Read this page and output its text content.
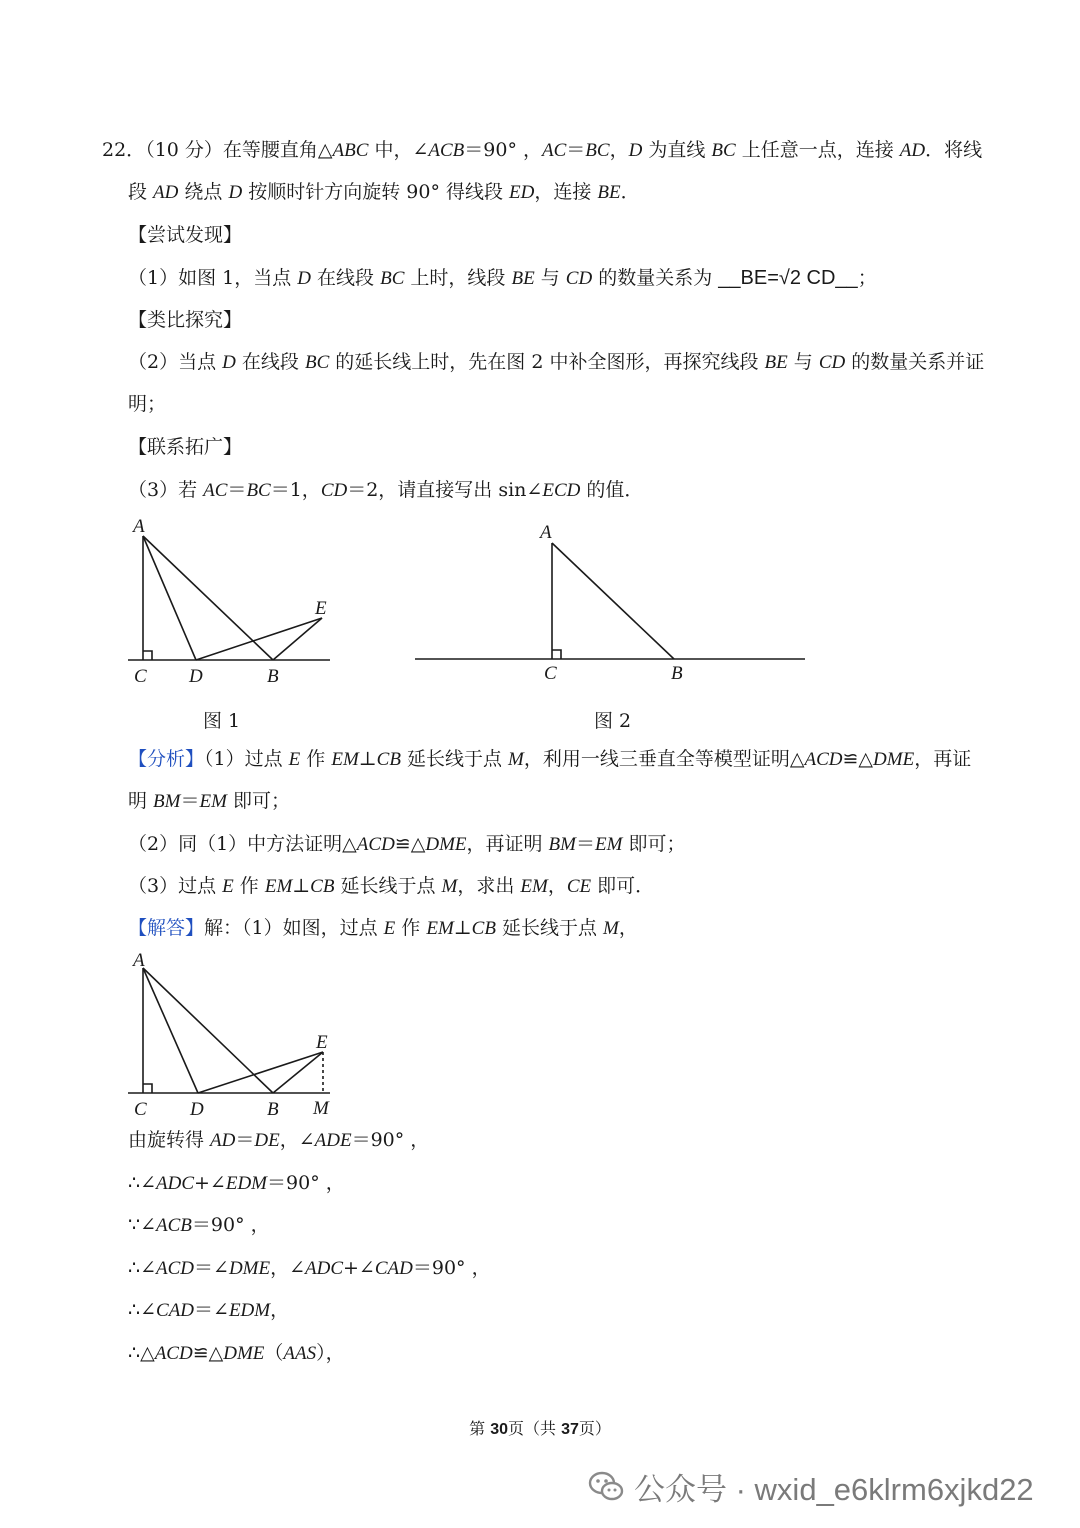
22．（10 分）在等腰直角△ABC 中，∠ACB＝90° ，AC＝BC，D 为直线 BC 上任意一点，连接 AD．将线
段 AD 绕点 D 按顺时针方向旋转 90° 得线段 ED，连接 BE．
【尝试发现】
（1）如图 1，当点 D 在线段 BC 上时，线段 BE 与 CD 的数量关系为 __BE=√2 CD__；
【类比探究】
（2）当点 D 在线段 BC 的延长线上时，先在图 2 中补全图形，再探究线段 BE 与 CD 的数量关系并证
明；
【联系拓广】
（3）若 AC＝BC＝1，CD＝2，请直接写出 sin∠ECD 的值．
A
C D	B
E
图 1
A
C	B
图 2
【分析】（1）过点 E 作 EM⊥CB 延长线于点 M，利用一线三垂直全等模型证明△ACD≌△DME，再证
明 BM＝EM 即可；
（2）同（1）中方法证明△ACD≌△DME，再证明 BM＝EM 即可；
（3）过点 E 作 EM⊥CB 延长线于点 M，求出 EM，CE 即可．
【解答】解：（1）如图，过点 E 作 EM⊥CB 延长线于点 M，
A
C D	B
E
M
由旋转得 AD＝DE，∠ADE＝90° ，
∴∠ADC+∠EDM＝90° ，
∵∠ACB＝90° ，
∴∠ACD＝∠DME，∠ADC+∠CAD＝90° ，
∴∠CAD＝∠EDM，
∴△ACD≌△DME（AAS），
第 30页（共 37页）
公众号 · wxid_e6klrm6xjkd22
